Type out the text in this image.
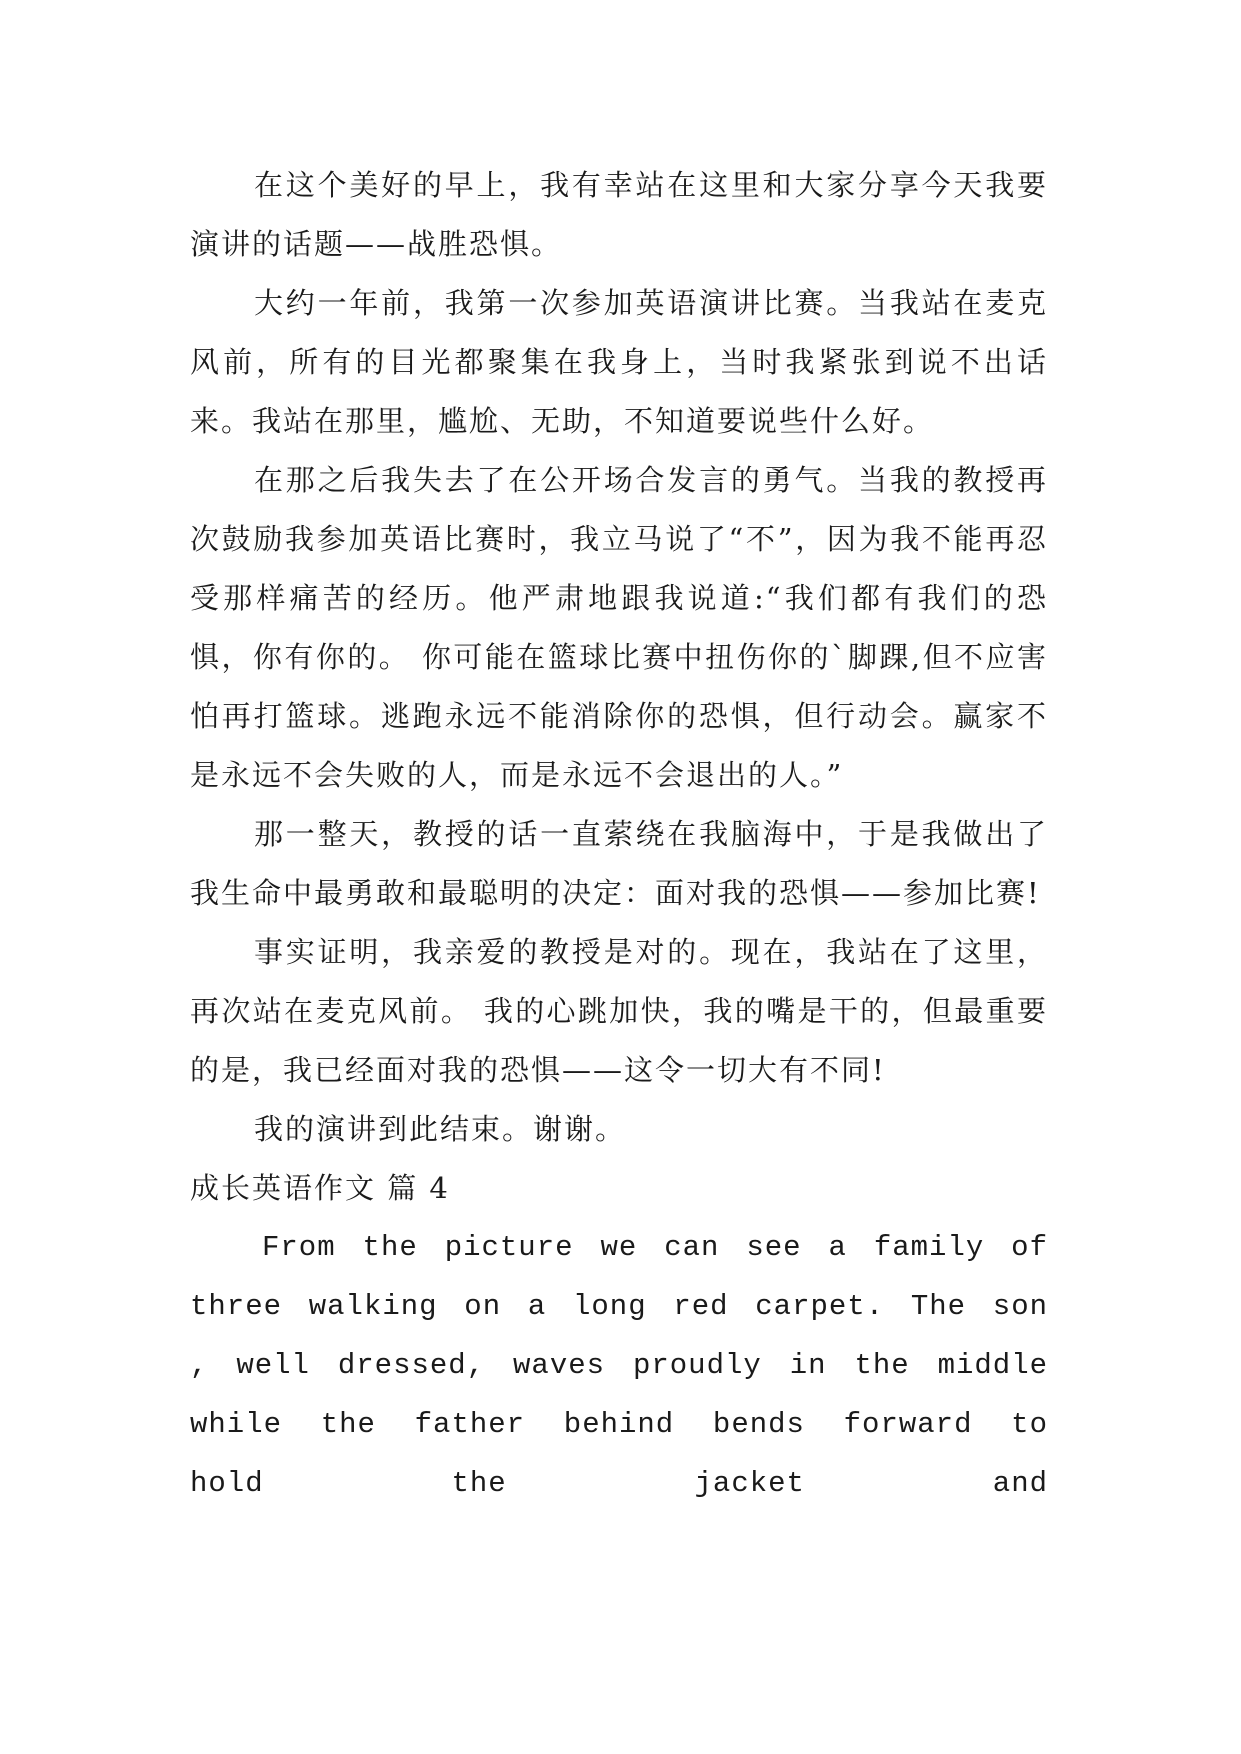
在这个美好的早上，我有幸站在这里和大家分享今天我要演讲的话题——战胜恐惧。

大约一年前，我第一次参加英语演讲比赛。当我站在麦克风前，所有的目光都聚集在我身上，当时我紧张到说不出话来。我站在那里，尴尬、无助，不知道要说些什么好。

在那之后我失去了在公开场合发言的勇气。当我的教授再次鼓励我参加英语比赛时，我立马说了“不”，因为我不能再忍受那样痛苦的经历。他严肃地跟我说道:“我们都有我们的恐惧，你有你的。 你可能在篮球比赛中扭伤你的`脚踝,但不应害怕再打篮球。逃跑永远不能消除你的恐惧，但行动会。赢家不是永远不会失败的人，而是永远不会退出的人。”

那一整天，教授的话一直萦绕在我脑海中，于是我做出了我生命中最勇敢和最聪明的决定：面对我的恐惧——参加比赛!

事实证明，我亲爱的教授是对的。现在，我站在了这里，再次站在麦克风前。 我的心跳加快，我的嘴是干的，但最重要的是，我已经面对我的恐惧——这令一切大有不同!

我的演讲到此结束。谢谢。

成长英语作文 篇 4

From the picture we can see a family of three walking on a long red carpet. The son , well dressed, waves proudly in the middle while the father behind bends forward to hold the jacket and
